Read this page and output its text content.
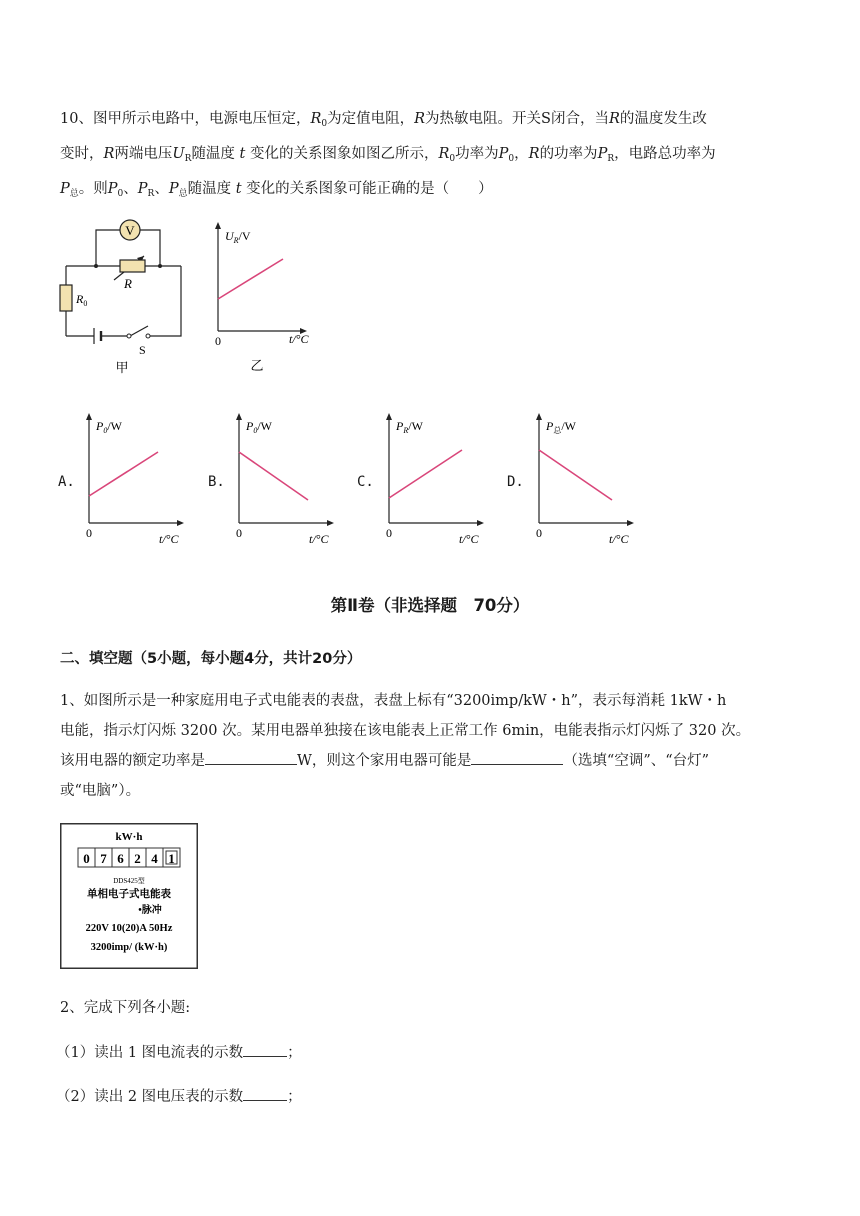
10、图甲所示电路中，电源电压恒定，$R_0$为定值电阻，R为热敏电阻。开关S闭合，当R的温度发生改
变时，R两端电压$U_R$随温度 t 变化的关系图象如图乙所示，$R_0$功率为$P_0$，R的功率为$P_R$，电路总功率为
$P_总$。则$P_0$、$P_R$、$P_总$随温度 t 变化的关系图象可能正确的是（　　）
V
R
$R_0$
S
甲
$U_R/V$
0	t/°C
乙
A.
$P_0/W$
0	t/°C
B.
$P_0/W$
0	t/°C
C.
$P_R/W$
0	t/°C
D.
$P_总/W$
0	t/°C
第Ⅱ卷（非选择题　70分）
二、填空题（5小题，每小题4分，共计20分）
1、如图所示是一种家庭用电子式电能表的表盘，表盘上标有“3200imp/kW・h”，表示每消耗 1kW・h
电能，指示灯闪烁 3200 次。某用电器单独接在该电能表上正常工作 6min，电能表指示灯闪烁了 320 次。
该用电器的额定功率是	W，则这个家用电器可能是	（选填“空调”、“台灯”
或“电脑”）。
kW·h
0 7 6 2 4 1
DDS425型
单相电子式电能表
•脉冲
220V 10(20)A 50Hz
3200imp/ (kW·h)
2、完成下列各小题:
（1）读出 1 图电流表的示数	；
（2）读出 2 图电压表的示数	；
